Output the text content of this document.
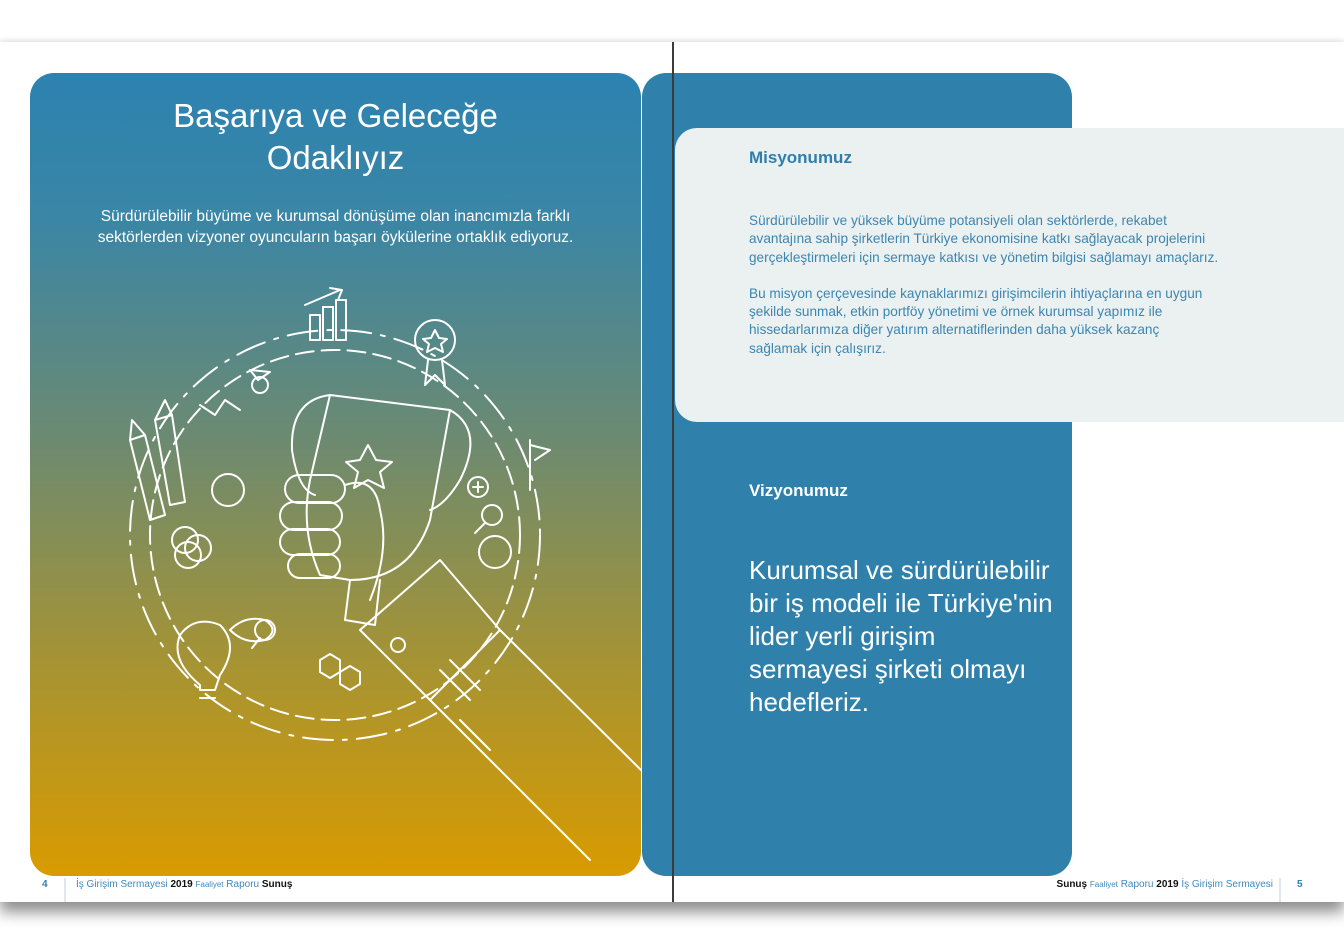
Başarıya ve Geleceğe
Odaklıyız
Sürdürülebilir büyüme ve kurumsal dönüşüme olan inancımızla farklı sektörlerden vizyoner oyuncuların başarı öykülerine ortaklık ediyoruz.
Misyonumuz

Sürdürülebilir ve yüksek büyüme potansiyeli olan sektörlerde, rekabet avantajına sahip şirketlerin Türkiye ekonomisine katkı sağlayacak projelerini gerçekleştirmeleri için sermaye katkısı ve yönetim bilgisi sağlamayı amaçlarız.

Bu misyon çerçevesinde kaynaklarımızı girişimcilerin ihtiyaçlarına en uygun şekilde sunmak, etkin portföy yönetimi ve örnek kurumsal yapımız ile hissedarlarımıza diğer yatırım alternatiflerinden daha yüksek kazanç sağlamak için çalışırız.

Vizyonumuz
Kurumsal ve sürdürülebilir bir iş modeli ile Türkiye'nin lider yerli girişim sermayesi şirketi olmayı hedefleriz.
4	İş Girişim Sermayesi 2019 Faaliyet Raporu Sunuş	Sunuş Faaliyet Raporu 2019 İş Girişim Sermayesi 5
